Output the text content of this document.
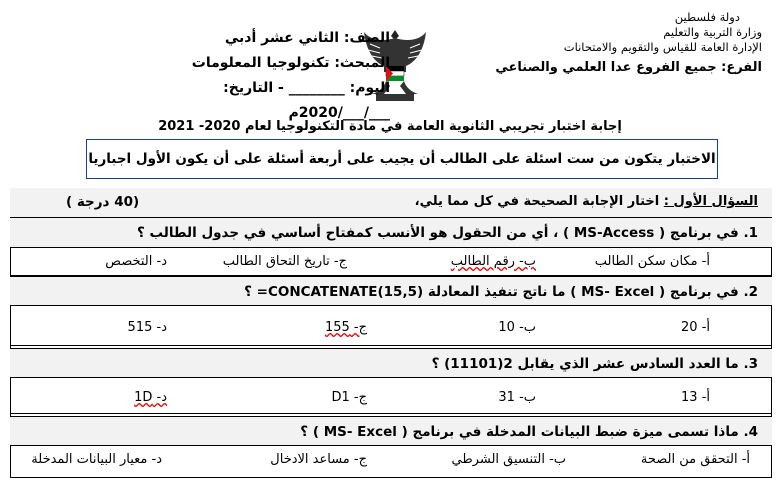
دولة فلسطين
وزارة التربية والتعليم
الإدارة العامة للقياس والتقويم والامتحانات
الفرع: جميع الفروع عدا العلمي والصناعي
الصف: الثاني عشر أدبي
المبحث: تكنولوجيا المعلومات
اليوم: ________ - التاريخ: ___/___/2020م
إجابة اختبار تجريبي الثانوية العامة في مادة التكنولوجيا لعام 2020- 2021
الاختبار يتكون من ست اسئلة على الطالب أن يجيب على أربعة أسئلة على أن يكون الأول اجباريا
السؤال الأول : اختار الإجابة الصحيحة في كل مما يلي،
(40 درجة )
1. في برنامج ( MS-Access ) ، أي من الحقول هو الأنسب كمفتاح أساسي في جدول الطالب ؟
أ- مكان سكن الطالب
ب- رقم الطالب
ج- تاريخ التحاق الطالب
د- التخصص
2. في برنامج ( MS- Excel ) ما ناتج تنفيذ المعادلة (CONCATENATE(15,5= ؟
أ- 20
ب- 10
ج- 155
د- 515
3. ما العدد السادس عشر الذي يقابل 2(11101) ؟
أ- 13
ب- 31
ج- D1
د- 1D
4. ماذا تسمى ميزة ضبط البيانات المدخلة في برنامج ( MS- Excel ) ؟
أ- التحقق من الصحة
ب- التنسيق الشرطي
ج- مساعد الادخال
د- معيار البيانات المدخلة
